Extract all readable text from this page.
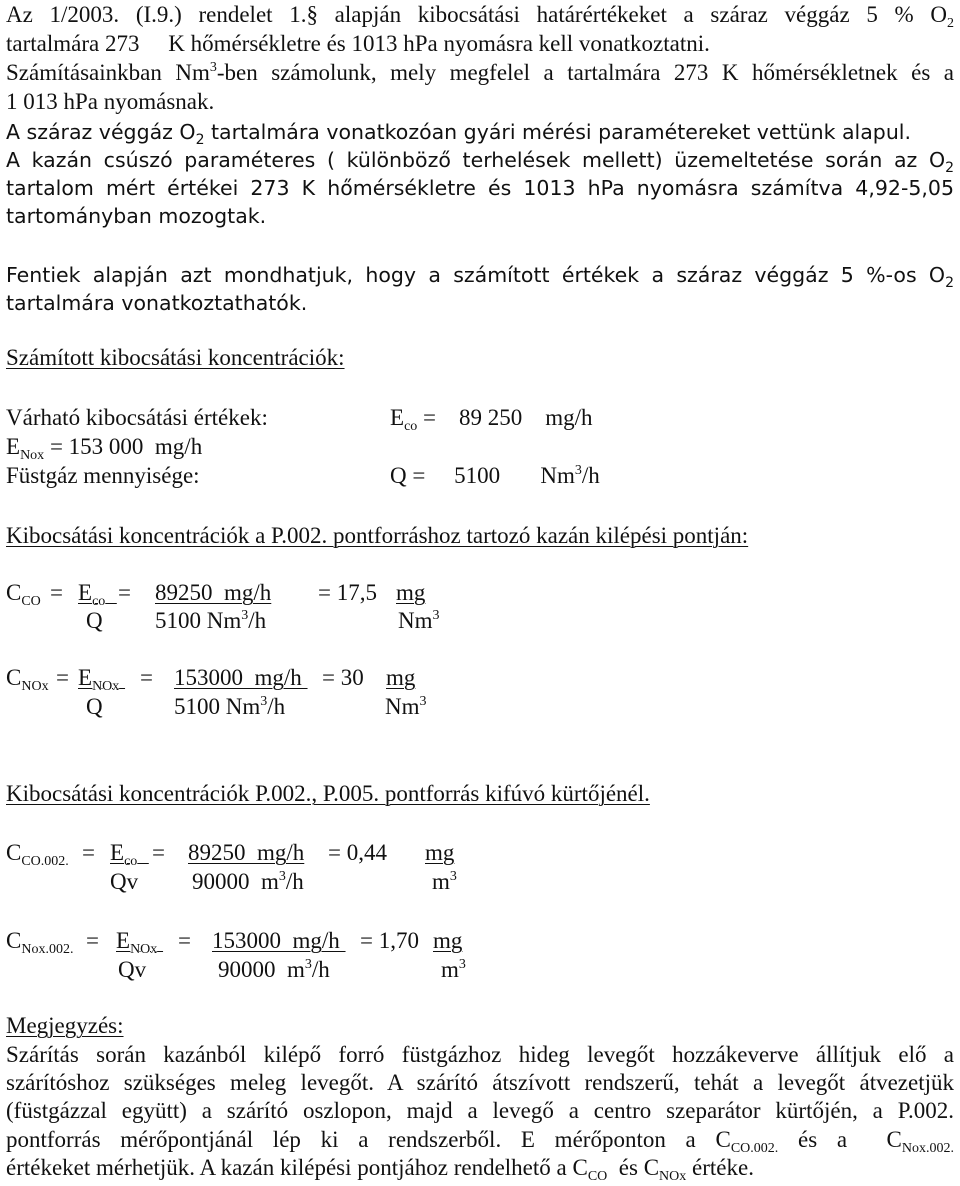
Az 1/2003. (I.9.) rendelet 1.§ alapján kibocsátási határértékeket a száraz véggáz 5 % $O_2$
tartalmára 273     K hőmérsékletre és 1013 hPa nyomásra kell vonatkoztatni.
Számításainkban Nm$^3$-ben számolunk, mely megfelel a tartalmára 273 K hőmérsékletnek és a
1 013 hPa nyomásnak.
A száraz véggáz $O_2$ tartalmára vonatkozóan gyári mérési paramétereket vettünk alapul.
A kazán csúszó paraméteres ( különböző terhelések mellett) üzemeltetése során az $O_2$
tartalom mért értékei 273 K hőmérsékletre és 1013 hPa nyomásra számítva 4,92-5,05
tartományban mozogtak.
Fentiek alapján azt mondhatjuk, hogy a számított értékek a száraz véggáz 5 %-os $O_2$
tartalmára vonatkoztathatók.
Számított kibocsátási koncentrációk:
Várható kibocsátási értékek:	$E_{co}$ =    89 250    mg/h
$E_{Nox} = 153$ 000  mg/h
Füstgáz mennyisége:	Q =     5100       Nm$^3$/h
Kibocsátási koncentrációk a P.002. pontforráshoz tartozó kazán kilépési pontján:
$C_{CO} = E_{co} = 89250$  mg/h = 17,5 mg
Q 5100 Nm$^3$/h	Nm$^3$
$C_{NOx} = E_{NOx} = 153000$  mg/h = 30 mg
Q	5100 Nm$^3$/h	Nm$^3$
Kibocsátási koncentrációk P.002., P.005. pontforrás kifúvó kürtőjénél.
$C_{CO.002.} = E_{co} = 89250$  mg/h = 0,44 mg
Qv 90000  $m^3/h$	$m^3$
$C_{Nox.002.} = E_{NOx} = 153000$  mg/h = 1,70 mg
Qv	90000  $m^3/h$	$m^3$
Megjegyzés:
Szárítás során kazánból kilépő forró füstgázhoz hideg levegőt hozzákeverve állítjuk elő a
szárítóshoz szükséges meleg levegőt. A szárító átszívott rendszerű, tehát a levegőt átvezetjük
(füstgázzal együtt) a szárító oszlopon, majd a levegő a centro szeparátor kürtőjén, a P.002.
pontforrás mérőpontjánál lép ki a rendszerből. E mérőponton a $C_{CO.002.}$ és a  $C_{Nox.002.}$
értékeket mérhetjük. A kazán kilépési pontjához rendelhető a $C_{CO}$  és $C_{NOx}$ értéke.
